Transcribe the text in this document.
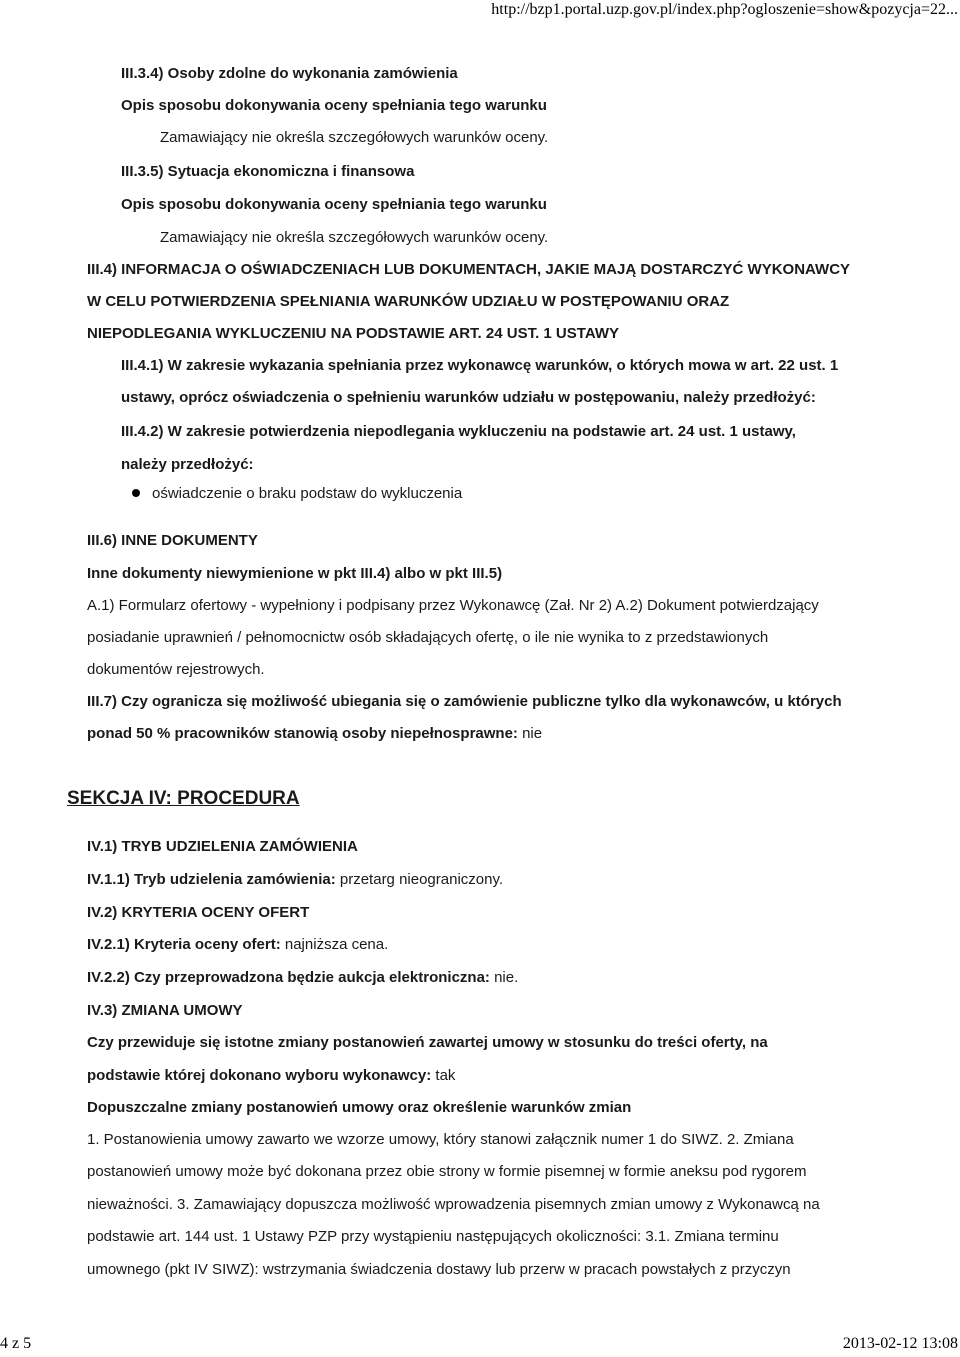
http://bzp1.portal.uzp.gov.pl/index.php?ogloszenie=show&pozycja=22...
III.3.4) Osoby zdolne do wykonania zamówienia
Opis sposobu dokonywania oceny spełniania tego warunku
Zamawiający nie określa szczegółowych warunków oceny.
III.3.5) Sytuacja ekonomiczna i finansowa
Opis sposobu dokonywania oceny spełniania tego warunku
Zamawiający nie określa szczegółowych warunków oceny.
III.4) INFORMACJA O OŚWIADCZENIACH LUB DOKUMENTACH, JAKIE MAJĄ DOSTARCZYĆ WYKONAWCY
W CELU POTWIERDZENIA SPEŁNIANIA WARUNKÓW UDZIAŁU W POSTĘPOWANIU ORAZ
NIEPODLEGANIA WYKLUCZENIU NA PODSTAWIE ART. 24 UST. 1 USTAWY
III.4.1) W zakresie wykazania spełniania przez wykonawcę warunków, o których mowa w art. 22 ust. 1
ustawy, oprócz oświadczenia o spełnieniu warunków udziału w postępowaniu, należy przedłożyć:
III.4.2) W zakresie potwierdzenia niepodlegania wykluczeniu na podstawie art. 24 ust. 1 ustawy,
należy przedłożyć:
oświadczenie o braku podstaw do wykluczenia
III.6) INNE DOKUMENTY
Inne dokumenty niewymienione w pkt III.4) albo w pkt III.5)
A.1) Formularz ofertowy - wypełniony i podpisany przez Wykonawcę (Zał. Nr 2) A.2) Dokument potwierdzający
posiadanie uprawnień / pełnomocnictw osób składających ofertę, o ile nie wynika to z przedstawionych
dokumentów rejestrowych.
III.7) Czy ogranicza się możliwość ubiegania się o zamówienie publiczne tylko dla wykonawców, u których
ponad 50 % pracowników stanowią osoby niepełnosprawne: nie
SEKCJA IV: PROCEDURA
IV.1) TRYB UDZIELENIA ZAMÓWIENIA
IV.1.1) Tryb udzielenia zamówienia: przetarg nieograniczony.
IV.2) KRYTERIA OCENY OFERT
IV.2.1) Kryteria oceny ofert: najniższa cena.
IV.2.2) Czy przeprowadzona będzie aukcja elektroniczna: nie.
IV.3) ZMIANA UMOWY
Czy przewiduje się istotne zmiany postanowień zawartej umowy w stosunku do treści oferty, na
podstawie której dokonano wyboru wykonawcy: tak
Dopuszczalne zmiany postanowień umowy oraz określenie warunków zmian
1. Postanowienia umowy zawarto we wzorze umowy, który stanowi załącznik numer 1 do SIWZ. 2. Zmiana
postanowień umowy może być dokonana przez obie strony w formie pisemnej w formie aneksu pod rygorem
nieważności. 3. Zamawiający dopuszcza możliwość wprowadzenia pisemnych zmian umowy z Wykonawcą na
podstawie art. 144 ust. 1 Ustawy PZP przy wystąpieniu następujących okoliczności: 3.1. Zmiana terminu
umownego (pkt IV SIWZ): wstrzymania świadczenia dostawy lub przerw w pracach powstałych z przyczyn
4 z 5	2013-02-12 13:08
